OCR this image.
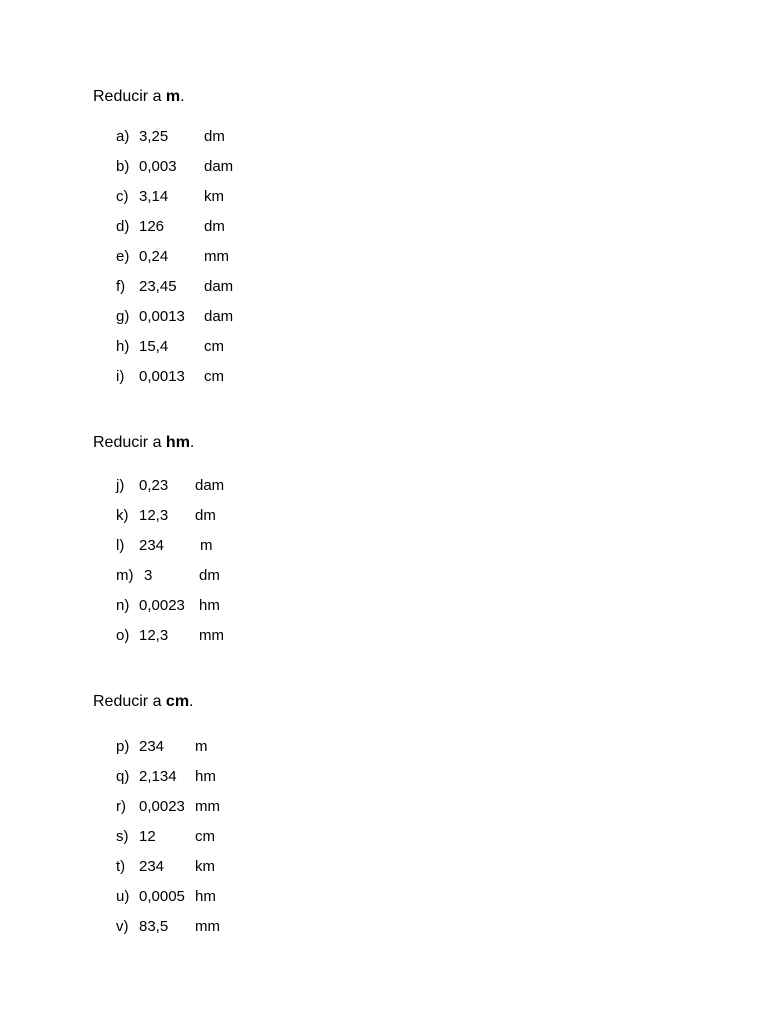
Reducir a m.
a) 3,25 dm
b) 0,003 dam
c) 3,14 km
d) 126	dm
e) 0,24 mm
f) 23,45 dam
g) 0,0013 dam
h) 15,4 cm
i) 0,0013 cm
Reducir a hm.
j) 0,23 dam
k) 12,3 dm
l) 234 m
m) 3	dm
n) 0,0023 hm
o) 12,3 mm
Reducir a cm.
p) 234 m
q) 2,134 hm
r) 0,0023 mm
s) 12	cm
t) 234 km
u) 0,0005 hm
v) 83,5 mm
